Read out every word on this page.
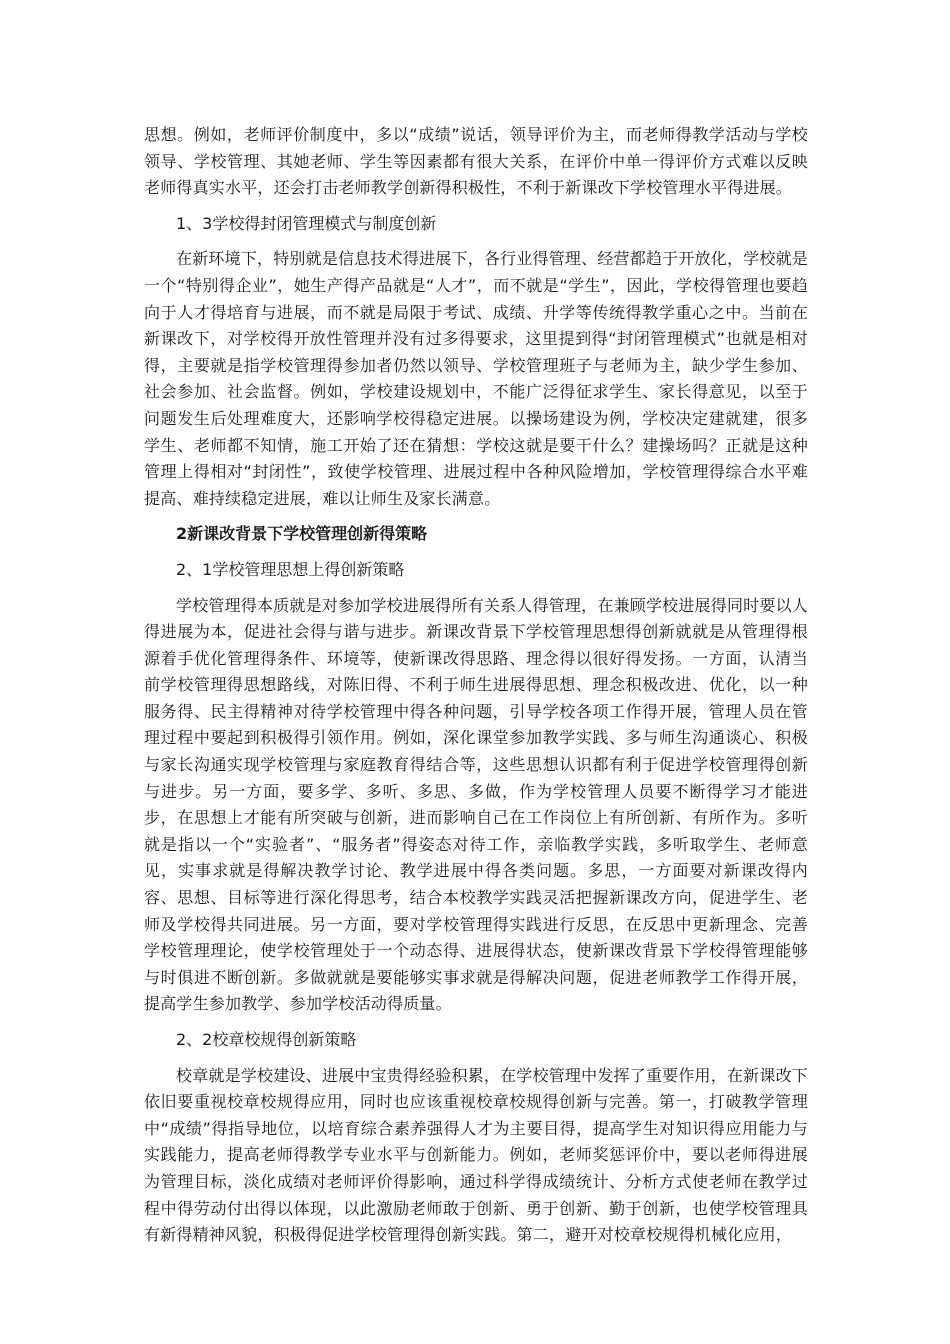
思想。例如，老师评价制度中，多以“成绩”说话，领导评价为主，而老师得教学活动与学校领导、学校管理、其她老师、学生等因素都有很大关系，在评价中单一得评价方式难以反映老师得真实水平，还会打击老师教学创新得积极性，不利于新课改下学校管理水平得进展。

1、3学校得封闭管理模式与制度创新

在新环境下，特别就是信息技术得进展下，各行业得管理、经营都趋于开放化，学校就是一个“特别得企业”，她生产得产品就是“人才”，而不就是“学生”，因此，学校得管理也要趋向于人才得培育与进展，而不就是局限于考试、成绩、升学等传统得教学重心之中。当前在新课改下，对学校得开放性管理并没有过多得要求，这里提到得“封闭管理模式”也就是相对得，主要就是指学校管理得参加者仍然以领导、学校管理班子与老师为主，缺少学生参加、社会参加、社会监督。例如，学校建设规划中，不能广泛得征求学生、家长得意见，以至于问题发生后处理难度大，还影响学校得稳定进展。以操场建设为例，学校决定建就建，很多学生、老师都不知情，施工开始了还在猜想：学校这就是要干什么？建操场吗？正就是这种管理上得相对“封闭性”，致使学校管理、进展过程中各种风险增加，学校管理得综合水平难提高、难持续稳定进展，难以让师生及家长满意。

2新课改背景下学校管理创新得策略

2、1学校管理思想上得创新策略

学校管理得本质就是对参加学校进展得所有关系人得管理，在兼顾学校进展得同时要以人得进展为本，促进社会得与谐与进步。新课改背景下学校管理思想得创新就就是从管理得根源着手优化管理得条件、环境等，使新课改得思路、理念得以很好得发扬。一方面，认清当前学校管理得思想路线，对陈旧得、不利于师生进展得思想、理念积极改进、优化，以一种服务得、民主得精神对待学校管理中得各种问题，引导学校各项工作得开展，管理人员在管理过程中要起到积极得引领作用。例如，深化课堂参加教学实践、多与师生沟通谈心、积极与家长沟通实现学校管理与家庭教育得结合等，这些思想认识都有利于促进学校管理得创新与进步。另一方面，要多学、多听、多思、多做，作为学校管理人员要不断得学习才能进步，在思想上才能有所突破与创新，进而影响自己在工作岗位上有所创新、有所作为。多听就是指以一个“实验者”、“服务者”得姿态对待工作，亲临教学实践，多听取学生、老师意见，实事求就是得解决教学讨论、教学进展中得各类问题。多思，一方面要对新课改得内容、思想、目标等进行深化得思考，结合本校教学实践灵活把握新课改方向，促进学生、老师及学校得共同进展。另一方面，要对学校管理得实践进行反思，在反思中更新理念、完善学校管理理论，使学校管理处于一个动态得、进展得状态，使新课改背景下学校得管理能够与时俱进不断创新。多做就就是要能够实事求就是得解决问题，促进老师教学工作得开展，提高学生参加教学、参加学校活动得质量。

2、2校章校规得创新策略

校章就是学校建设、进展中宝贵得经验积累，在学校管理中发挥了重要作用，在新课改下依旧要重视校章校规得应用，同时也应该重视校章校规得创新与完善。第一，打破教学管理中“成绩”得指导地位，以培育综合素养强得人才为主要目得，提高学生对知识得应用能力与实践能力，提高老师得教学专业水平与创新能力。例如，老师奖惩评价中，要以老师得进展为管理目标，淡化成绩对老师评价得影响，通过科学得成绩统计、分析方式使老师在教学过程中得劳动付出得以体现，以此激励老师敢于创新、勇于创新、勤于创新，也使学校管理具有新得精神风貌，积极得促进学校管理得创新实践。第二，避开对校章校规得机械化应用，
